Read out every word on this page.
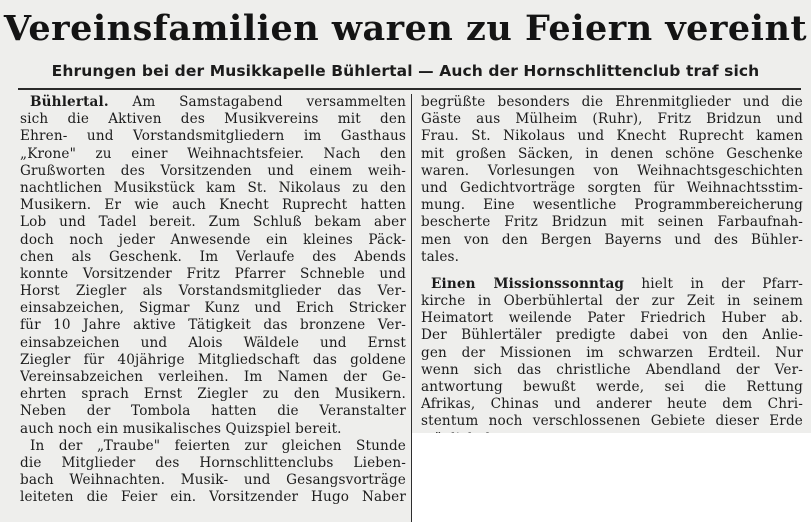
Vereinsfamilien waren zu Feiern vereint
Ehrungen bei der Musikkapelle Bühlertal — Auch der Hornschlittenclub traf sich
Bühlertal. Am Samstagabend versammelten
sich die Aktiven des Musikvereins mit den
Ehren- und Vorstandsmitgliedern im Gasthaus
„Krone" zu einer Weihnachtsfeier. Nach den
Grußworten des Vorsitzenden und einem weih-
nachtlichen Musikstück kam St. Nikolaus zu den
Musikern. Er wie auch Knecht Ruprecht hatten
Lob und Tadel bereit. Zum Schluß bekam aber
doch noch jeder Anwesende ein kleines Päck-
chen als Geschenk. Im Verlaufe des Abends
konnte Vorsitzender Fritz Pfarrer Schneble und
Horst Ziegler als Vorstandsmitglieder das Ver-
einsabzeichen, Sigmar Kunz und Erich Stricker
für 10 Jahre aktive Tätigkeit das bronzene Ver-
einsabzeichen und Alois Wäldele und Ernst
Ziegler für 40jährige Mitgliedschaft das goldene
Vereinsabzeichen verleihen. Im Namen der Ge-
ehrten sprach Ernst Ziegler zu den Musikern.
Neben der Tombola hatten die Veranstalter
auch noch ein musikalisches Quizspiel bereit.
In der „Traube" feierten zur gleichen Stunde
die Mitglieder des Hornschlittenclubs Lieben-
bach Weihnachten. Musik- und Gesangsvorträge
leiteten die Feier ein. Vorsitzender Hugo Naber
begrüßte besonders die Ehrenmitglieder und die
Gäste aus Mülheim (Ruhr), Fritz Bridzun und
Frau. St. Nikolaus und Knecht Ruprecht kamen
mit großen Säcken, in denen schöne Geschenke
waren. Vorlesungen von Weihnachtsgeschichten
und Gedichtvorträge sorgten für Weihnachtsstim-
mung. Eine wesentliche Programmbereicherung
bescherte Fritz Bridzun mit seinen Farbaufnah-
men von den Bergen Bayerns und des Bühler-
tales.
Einen Missionssonntag hielt in der Pfarr-
kirche in Oberbühlertal der zur Zeit in seinem
Heimatort weilende Pater Friedrich Huber ab.
Der Bühlertäler predigte dabei von den Anlie-
gen der Missionen im schwarzen Erdteil. Nur
wenn sich das christliche Abendland der Ver-
antwortung bewußt werde, sei die Rettung
Afrikas, Chinas und anderer heute dem Chri-
stentum noch verschlossenen Gebiete dieser Erde
